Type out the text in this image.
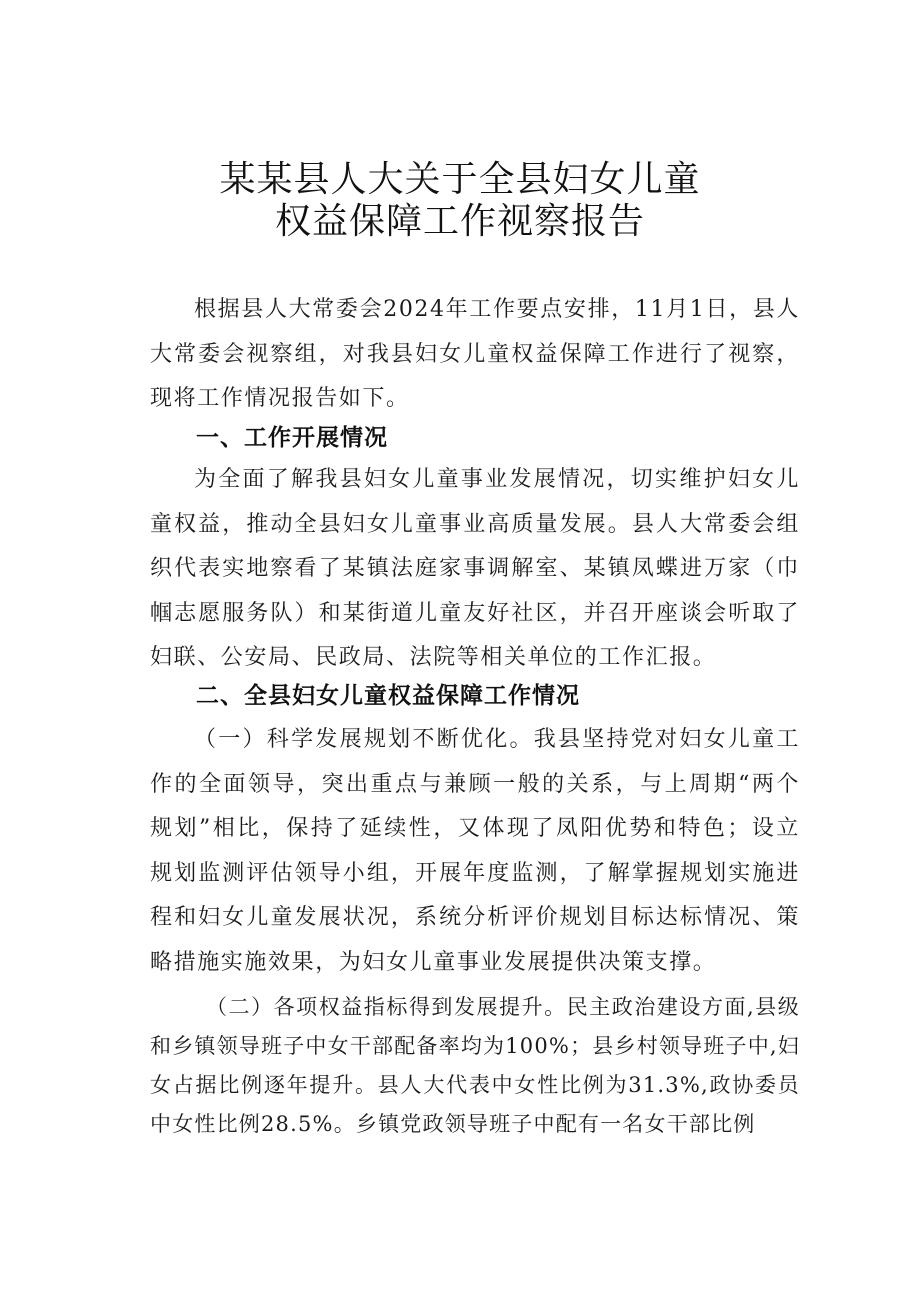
某某县人大关于全县妇女儿童
权益保障工作视察报告

根据县人大常委会2024年工作要点安排，11月1日，县人大常委会视察组，对我县妇女儿童权益保障工作进行了视察，现将工作情况报告如下。

一、工作开展情况

为全面了解我县妇女儿童事业发展情况，切实维护妇女儿童权益，推动全县妇女儿童事业高质量发展。县人大常委会组织代表实地察看了某镇法庭家事调解室、某镇凤蝶进万家（巾帼志愿服务队）和某街道儿童友好社区，并召开座谈会听取了妇联、公安局、民政局、法院等相关单位的工作汇报。

二、全县妇女儿童权益保障工作情况

（一）科学发展规划不断优化。我县坚持党对妇女儿童工作的全面领导，突出重点与兼顾一般的关系，与上周期“两个规划”相比，保持了延续性，又体现了凤阳优势和特色；设立规划监测评估领导小组，开展年度监测，了解掌握规划实施进程和妇女儿童发展状况，系统分析评价规划目标达标情况、策略措施实施效果，为妇女儿童事业发展提供决策支撑。

（二）各项权益指标得到发展提升。民主政治建设方面,县级和乡镇领导班子中女干部配备率均为100%；县乡村领导班子中,妇女占据比例逐年提升。县人大代表中女性比例为31.3%,政协委员中女性比例28.5%。乡镇党政领导班子中配有一名女干部比例
